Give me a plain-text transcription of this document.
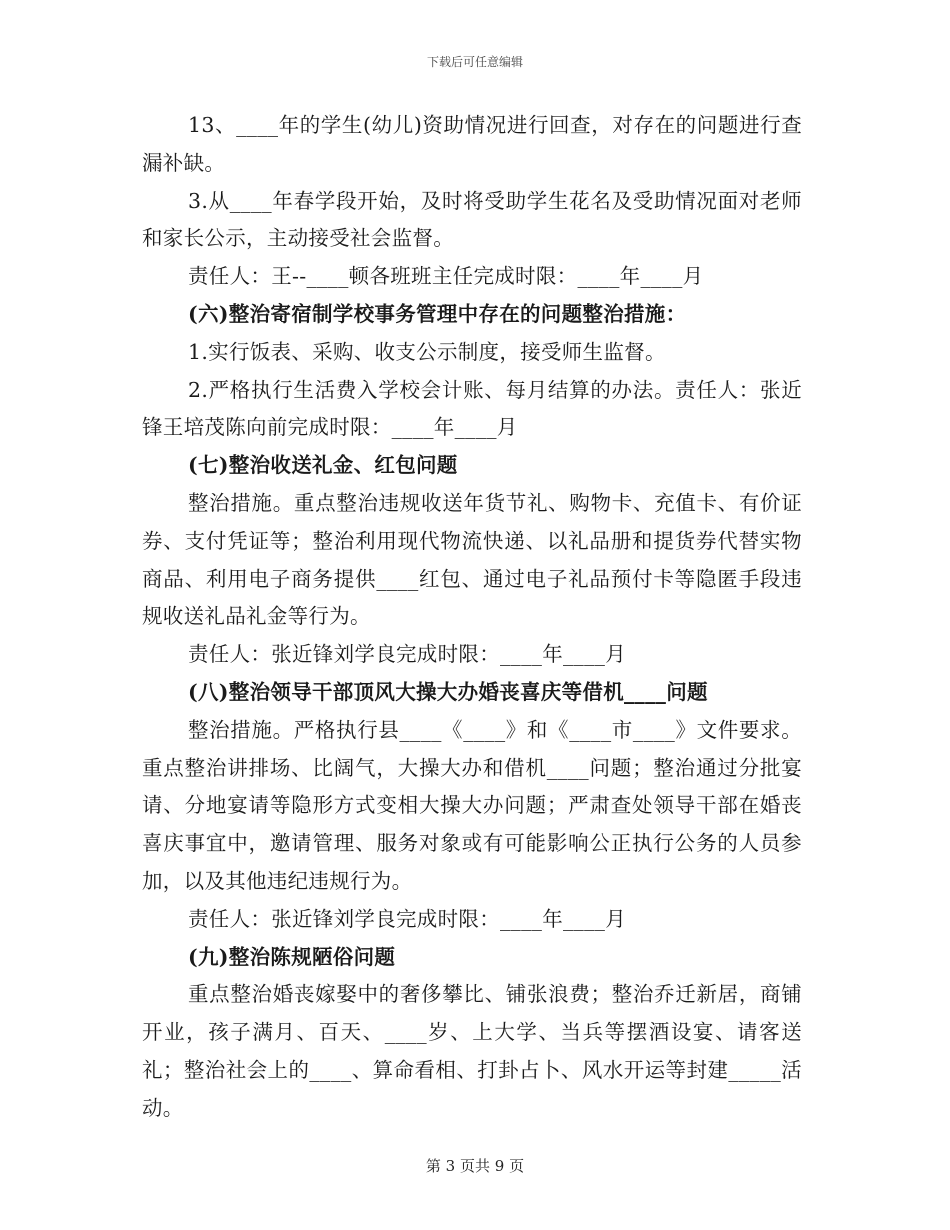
下载后可任意编辑

13、____年的学生(幼儿)资助情况进行回查，对存在的问题进行查漏补缺。

3.从____年春学段开始，及时将受助学生花名及受助情况面对老师和家长公示，主动接受社会监督。

责任人：王--____顿各班班主任完成时限：____年____月

(六)整治寄宿制学校事务管理中存在的问题整治措施：

1.实行饭表、采购、收支公示制度，接受师生监督。

2.严格执行生活费入学校会计账、每月结算的办法。责任人：张近锋王培茂陈向前完成时限：____年____月

(七)整治收送礼金、红包问题

整治措施。重点整治违规收送年货节礼、购物卡、充值卡、有价证券、支付凭证等；整治利用现代物流快递、以礼品册和提货券代替实物商品、利用电子商务提供____红包、通过电子礼品预付卡等隐匿手段违规收送礼品礼金等行为。

责任人：张近锋刘学良完成时限：____年____月

(八)整治领导干部顶风大操大办婚丧喜庆等借机____问题

整治措施。严格执行县____《____》和《____市____》文件要求。重点整治讲排场、比阔气，大操大办和借机____问题；整治通过分批宴请、分地宴请等隐形方式变相大操大办问题；严肃查处领导干部在婚丧喜庆事宜中，邀请管理、服务对象或有可能影响公正执行公务的人员参加，以及其他违纪违规行为。

责任人：张近锋刘学良完成时限：____年____月

(九)整治陈规陋俗问题

重点整治婚丧嫁娶中的奢侈攀比、铺张浪费；整治乔迁新居，商铺开业，孩子满月、百天、____岁、上大学、当兵等摆酒设宴、请客送礼；整治社会上的____、算命看相、打卦占卜、风水开运等封建_____活动。

第 3 页共 9 页
